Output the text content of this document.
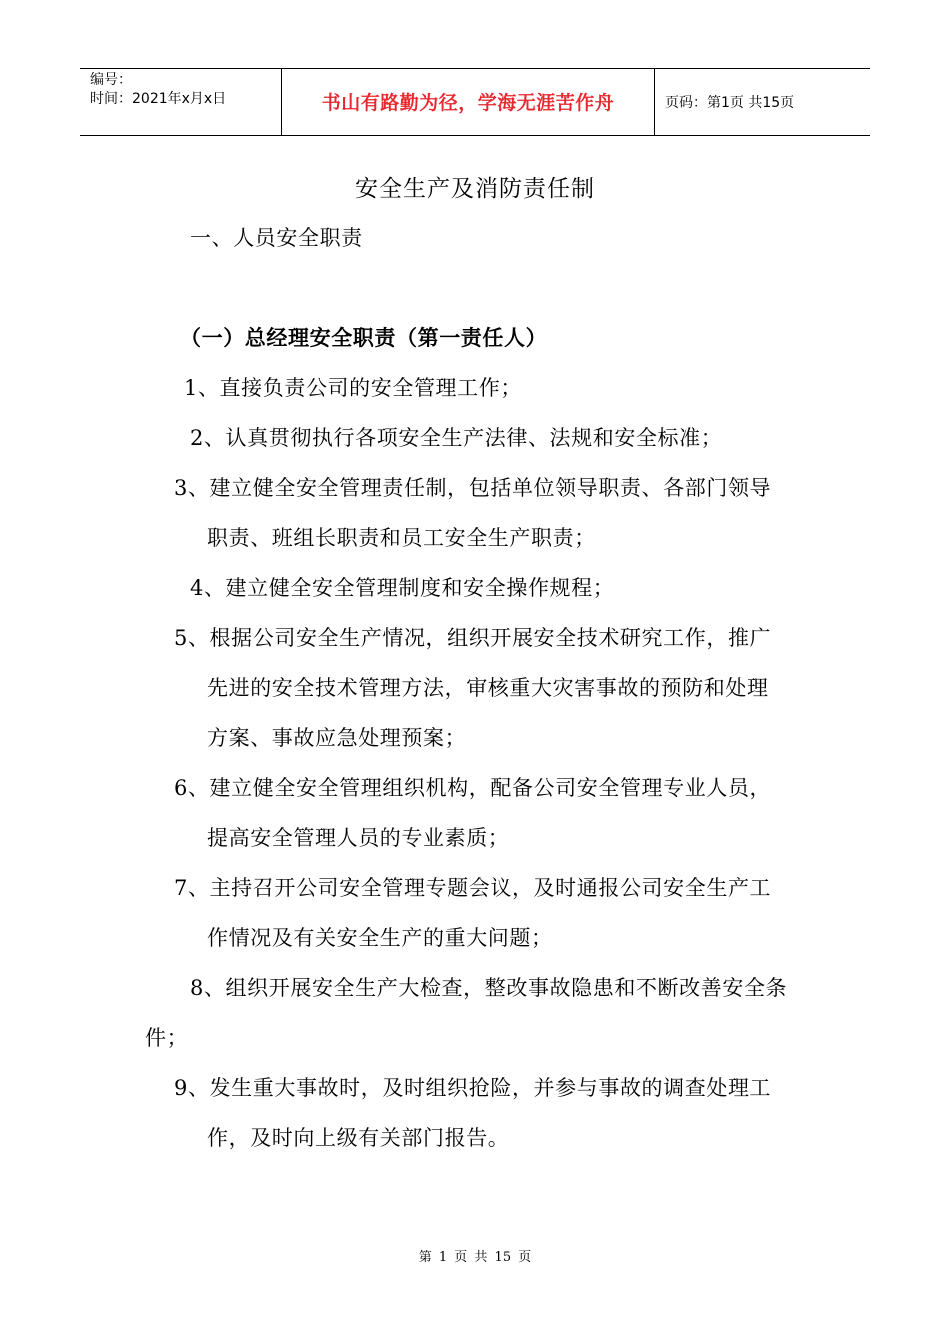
编号：
时间：2021年x月x日	书山有路勤为径，学海无涯苦作舟	页码：第1页 共15页
安全生产及消防责任制
一、人员安全职责
（一）总经理安全职责（第一责任人）
1、直接负责公司的安全管理工作；
2、认真贯彻执行各项安全生产法律、法规和安全标准；
3、建立健全安全管理责任制，包括单位领导职责、各部门领导
职责、班组长职责和员工安全生产职责；
4、建立健全安全管理制度和安全操作规程；
5、根据公司安全生产情况，组织开展安全技术研究工作，推广
先进的安全技术管理方法，审核重大灾害事故的预防和处理
方案、事故应急处理预案；
6、建立健全安全管理组织机构，配备公司安全管理专业人员，
提高安全管理人员的专业素质；
7、主持召开公司安全管理专题会议，及时通报公司安全生产工
作情况及有关安全生产的重大问题；
8、组织开展安全生产大检查，整改事故隐患和不断改善安全条
件；
9、发生重大事故时，及时组织抢险，并参与事故的调查处理工
作，及时向上级有关部门报告。
第 1 页 共 15 页
